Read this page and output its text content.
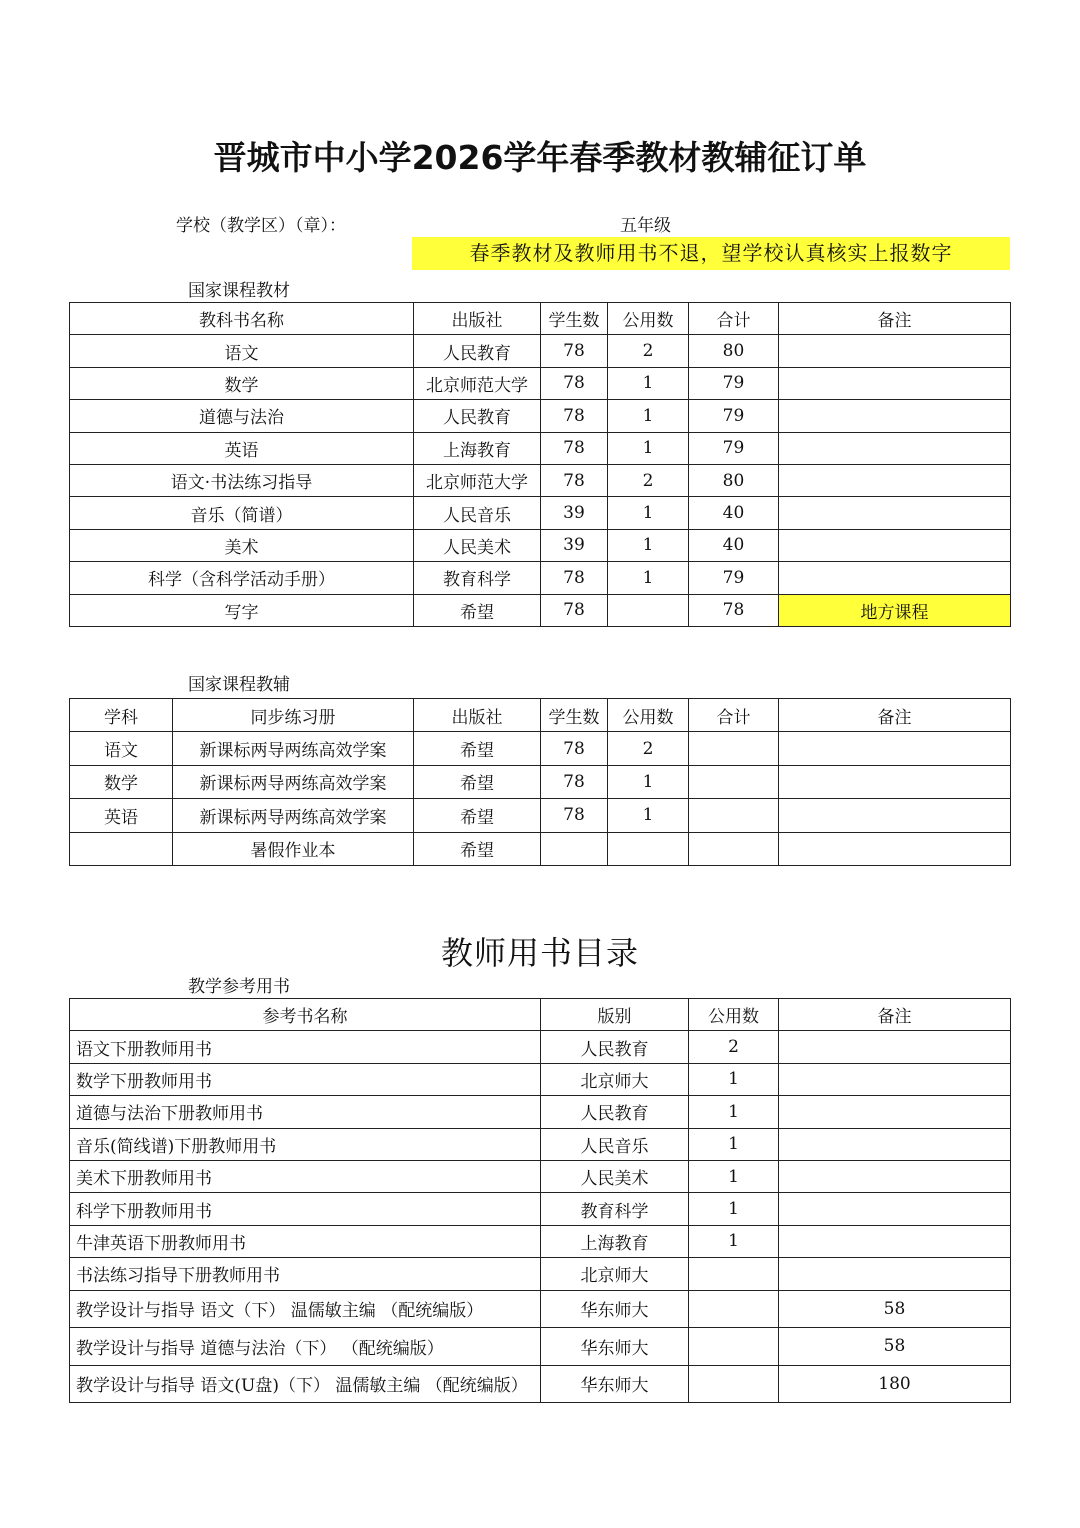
晋城市中小学2026学年春季教材教辅征订单
学校（教学区）（章）：	五年级
春季教材及教师用书不退，望学校认真核实上报数字
国家课程教材
教科书名称	出版社	学生数	公用数	合计	备注
语文	人民教育	78	2	80	
数学	北京师范大学	78	1	79	
道德与法治	人民教育	78	1	79	
英语	上海教育	78	1	79	
语文·书法练习指导	北京师范大学	78	2	80	
音乐（简谱）	人民音乐	39	1	40	
美术	人民美术	39	1	40	
科学（含科学活动手册）	教育科学	78	1	79	
写字	希望	78		78	地方课程
国家课程教辅
学科	同步练习册	出版社	学生数	公用数	合计	备注
语文	新课标两导两练高效学案	希望	78	2		
数学	新课标两导两练高效学案	希望	78	1		
英语	新课标两导两练高效学案	希望	78	1		
	暑假作业本	希望				
教师用书目录
教学参考用书
参考书名称	版别	公用数	备注
语文下册教师用书	人民教育	2	
数学下册教师用书	北京师大	1	
道德与法治下册教师用书	人民教育	1	
音乐(简线谱)下册教师用书	人民音乐	1	
美术下册教师用书	人民美术	1	
科学下册教师用书	教育科学	1	
牛津英语下册教师用书	上海教育	1	
书法练习指导下册教师用书	北京师大		
教学设计与指导 语文（下） 温儒敏主编 （配统编版）	华东师大		58
教学设计与指导 道德与法治（下） （配统编版）	华东师大		58
教学设计与指导 语文(U盘)（下） 温儒敏主编 （配统编版）	华东师大		180
